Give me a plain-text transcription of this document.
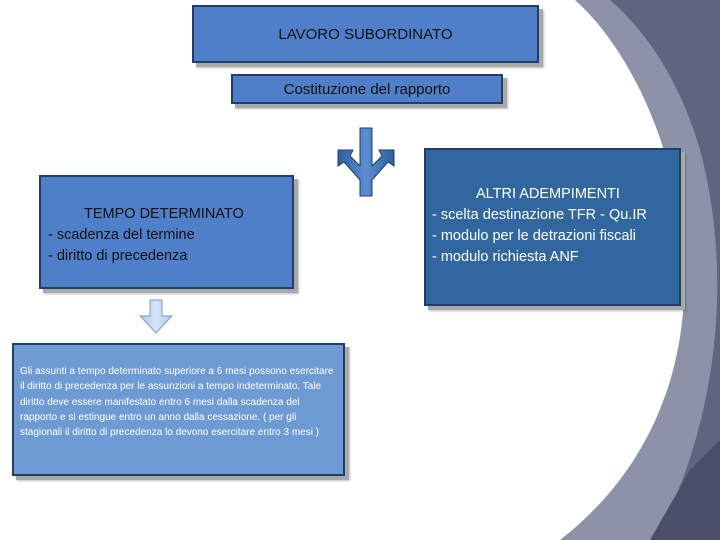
LAVORO SUBORDINATO
Costituzione del rapporto
TEMPO DETERMINATO
- scadenza del termine
- diritto di precedenza
ALTRI ADEMPIMENTI
- scelta destinazione TFR - Qu.IR
- modulo per le detrazioni fiscali
- modulo richiesta ANF
Gli assunti a tempo determinato superiore a 6 mesi possono esercitare il diritto di precedenza per le assunzioni a tempo indeterminato. Tale diritto deve essere manifestato entro 6 mesi dalla scadenza del rapporto e si estingue entro un anno dalla cessazione. ( per gli stagionali il diritto di precedenza lo devono esercitare entro 3 mesi )
